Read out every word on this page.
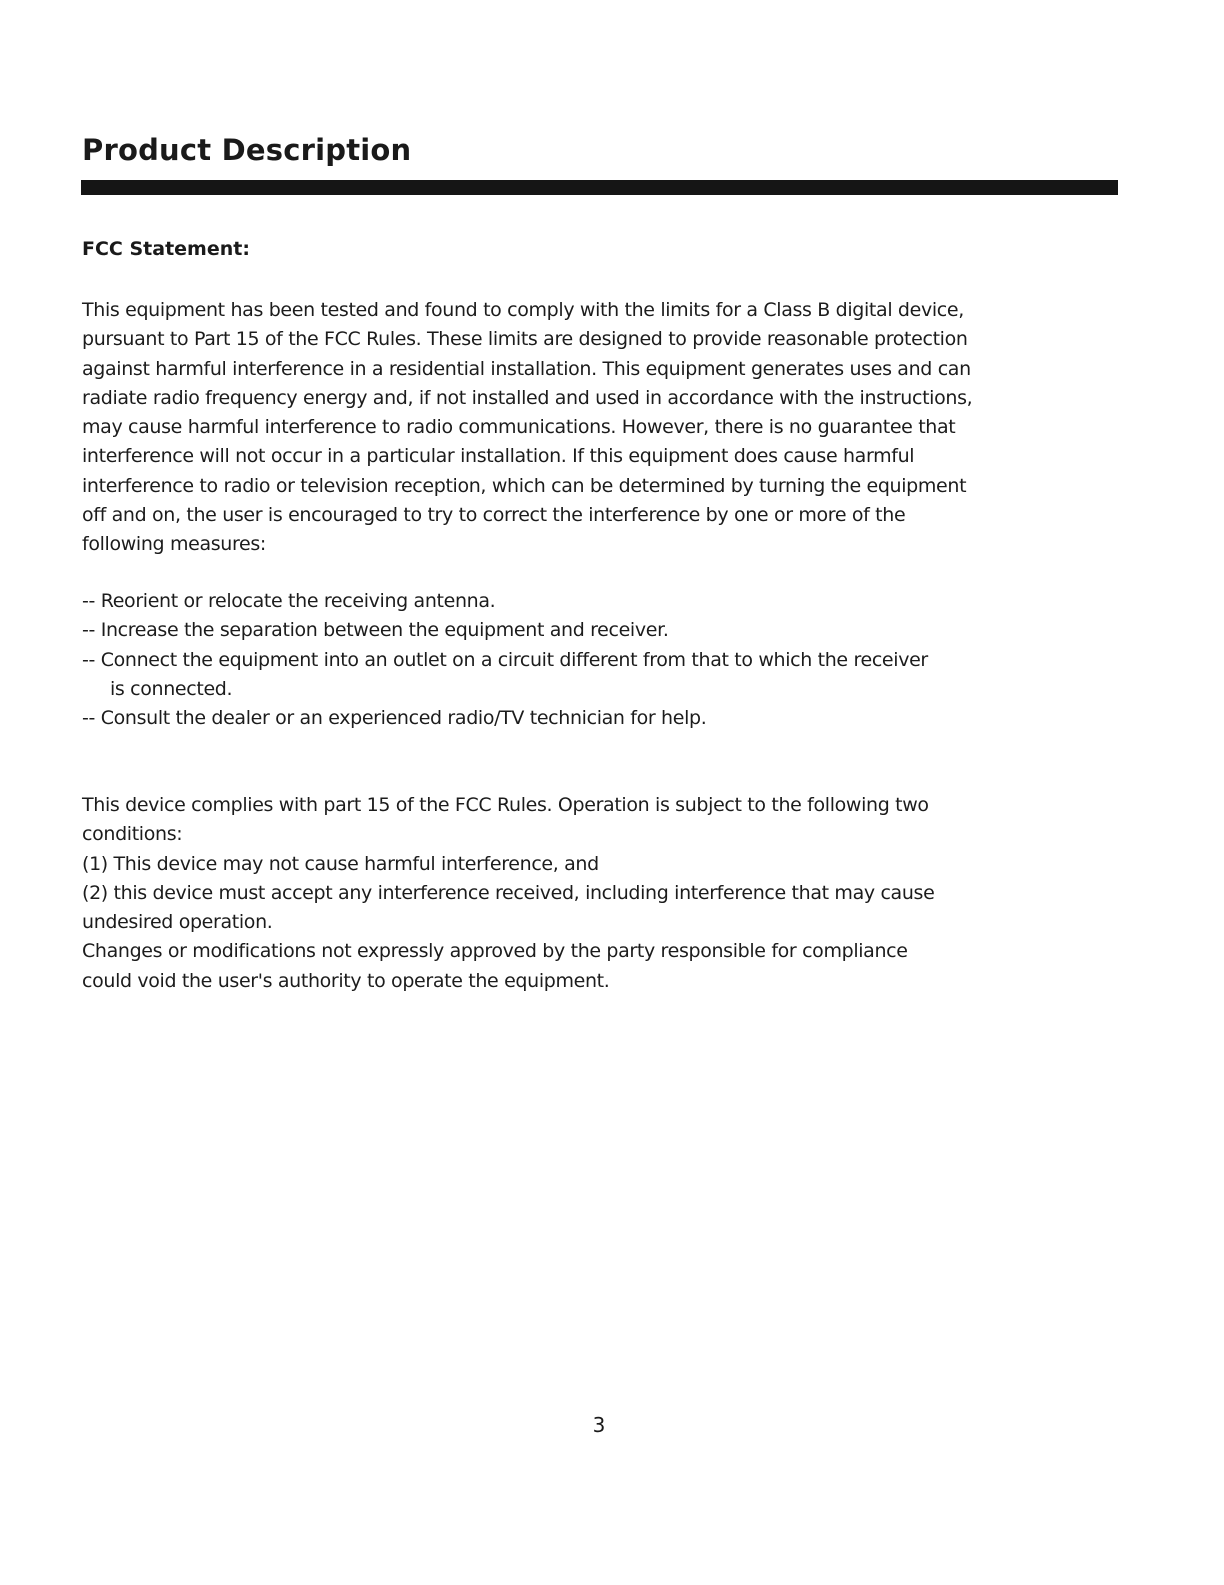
Product Description
FCC Statement:
This equipment has been tested and found to comply with the limits for a Class B digital device,
pursuant to Part 15 of the FCC Rules. These limits are designed to provide reasonable protection
against harmful interference in a residential installation. This equipment generates uses and can
radiate radio frequency energy and, if not installed and used in accordance with the instructions,
may cause harmful interference to radio communications. However, there is no guarantee that
interference will not occur in a particular installation. If this equipment does cause harmful
interference to radio or television reception, which can be determined by turning the equipment
off and on, the user is encouraged to try to correct the interference by one or more of the
following measures:
-- Reorient or relocate the receiving antenna.
-- Increase the separation between the equipment and receiver.
-- Connect the equipment into an outlet on a circuit different from that to which the receiver
is connected.
-- Consult the dealer or an experienced radio/TV technician for help.
This device complies with part 15 of the FCC Rules. Operation is subject to the following two
conditions:
(1) This device may not cause harmful interference, and
(2) this device must accept any interference received, including interference that may cause
undesired operation.
Changes or modifications not expressly approved by the party responsible for compliance
could void the user's authority to operate the equipment.
3
